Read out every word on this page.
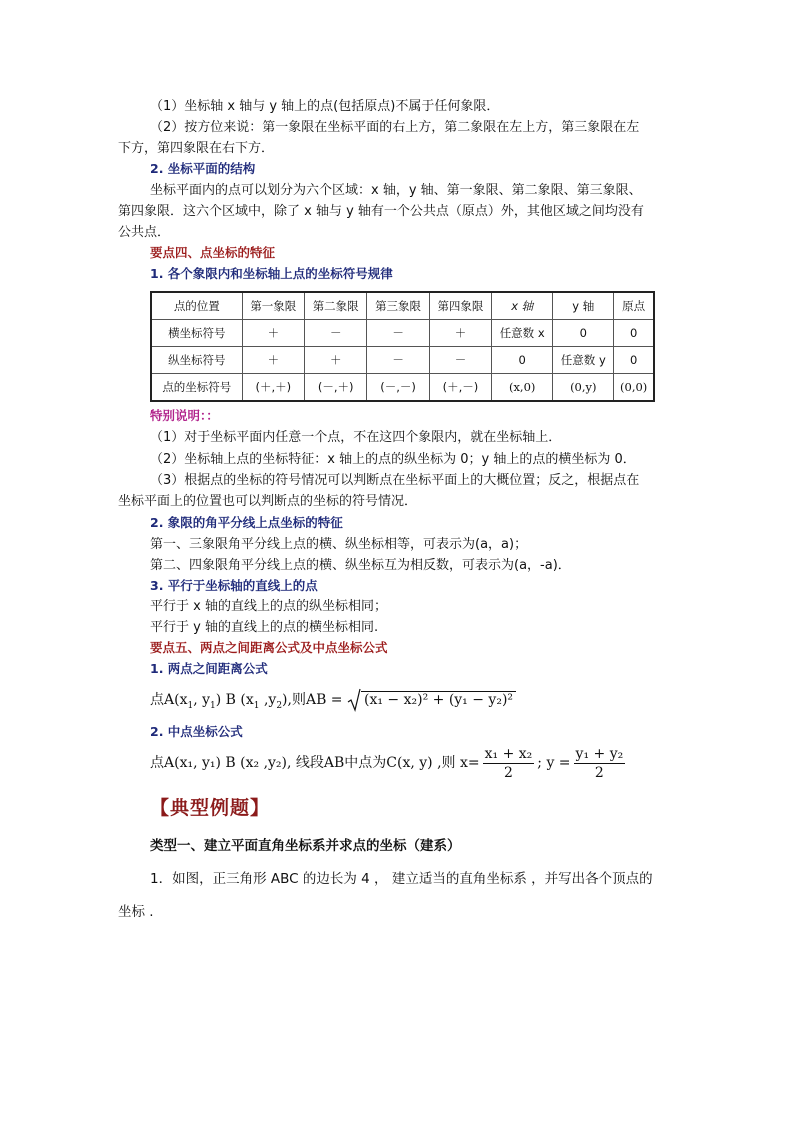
（1）坐标轴 x 轴与 y 轴上的点(包括原点)不属于任何象限．
（2）按方位来说：第一象限在坐标平面的右上方，第二象限在左上方，第三象限在左
下方，第四象限在右下方．
2. 坐标平面的结构
坐标平面内的点可以划分为六个区域：x 轴，y 轴、第一象限、第二象限、第三象限、
第四象限．这六个区域中，除了 x 轴与 y 轴有一个公共点（原点）外，其他区域之间均没有
公共点．
要点四、点坐标的特征
1. 各个象限内和坐标轴上点的坐标符号规律
点的位置	第一象限	第二象限	第三象限	第四象限	x 轴	y 轴	原点
横坐标符号	＋	－	－	＋	任意数 x	0	0
纵坐标符号	＋	＋	－	－	0	任意数 y	0
点的坐标符号	(＋,＋)	(－,＋)	(－,－)	(＋,－)	(x,0)	(0,y)	(0,0)
特别说明：：
（1）对于坐标平面内任意一个点，不在这四个象限内，就在坐标轴上．
（2）坐标轴上点的坐标特征：x 轴上的点的纵坐标为 0；y 轴上的点的横坐标为 0．
（3）根据点的坐标的符号情况可以判断点在坐标平面上的大概位置；反之，根据点在
坐标平面上的位置也可以判断点的坐标的符号情况．
2. 象限的角平分线上点坐标的特征
第一、三象限角平分线上点的横、纵坐标相等，可表示为(a，a)；
第二、四象限角平分线上点的横、纵坐标互为相反数，可表示为(a，-a)．
3. 平行于坐标轴的直线上的点
平行于 x 轴的直线上的点的纵坐标相同；
平行于 y 轴的直线上的点的横坐标相同.
要点五、两点之间距离公式及中点坐标公式
1. 两点之间距离公式
点$A(x_1$, $y_1$) B ($x_1$ $,y_2$),则AB = (x₁ − x₂)² + (y₁ − y₂)²
2. 中点坐标公式
点A(x₁, y₁) B (x₂ ,y₂), 线段AB中点为C(x, y) ,则 $x= \frac{\text{x₁ + x₂}}{2}$ ; $y = \frac{\text{y₁ + y₂}}{2}$
【典型例题】
类型一、建立平面直角坐标系并求点的坐标（建系）
1．如图，正三角形 ABC 的边长为 4 ， 建立适当的直角坐标系 ，并写出各个顶点的
坐标 .
